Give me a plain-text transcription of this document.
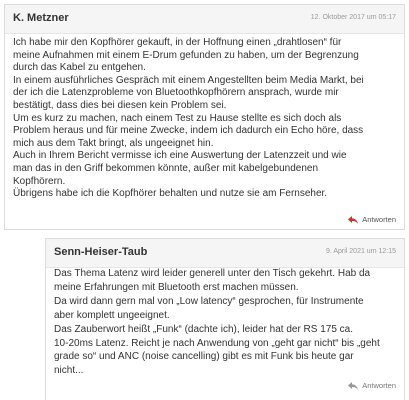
K. Metzner	12. Oktober 2017 um 05:17

Ich habe mir den Kopfhörer gekauft, in der Hoffnung einen „drahtlosen“ für

meine Aufnahmen mit einem E-Drum gefunden zu haben, um der Begrenzung

durch das Kabel zu entgehen.

In einem ausführliches Gespräch mit einem Angestellten beim Media Markt, bei

der ich die Latenzprobleme von Bluetoothkopfhörern ansprach, wurde mir

bestätigt, dass dies bei diesen kein Problem sei.

Um es kurz zu machen, nach einem Test zu Hause stellte es sich doch als

Problem heraus und für meine Zwecke, indem ich dadurch ein Echo höre, dass

mich aus dem Takt bringt, als ungeeignet hin.

Auch in Ihrem Bericht vermisse ich eine Auswertung der Latenzzeit und wie

man das in den Griff bekommen könnte, außer mit kabelgebundenen

Kopfhörern.

Übrigens habe ich die Kopfhörer behalten und nutze sie am Fernseher.

Antworten
Senn-Heiser-Taub	9. April 2021 um 12:15

Das Thema Latenz wird leider generell unter den Tisch gekehrt. Hab da

meine Erfahrungen mit Bluetooth erst machen müssen.

Da wird dann gern mal von „Low latency“ gesprochen, für Instrumente

aber komplett ungeeignet.

Das Zauberwort heißt „Funk“ (dachte ich), leider hat der RS 175 ca.

10-20ms Latenz. Reicht je nach Anwendung von „geht gar nicht“ bis „geht

grade so“ und ANC (noise cancelling) gibt es mit Funk bis heute gar

nicht...

Antworten
